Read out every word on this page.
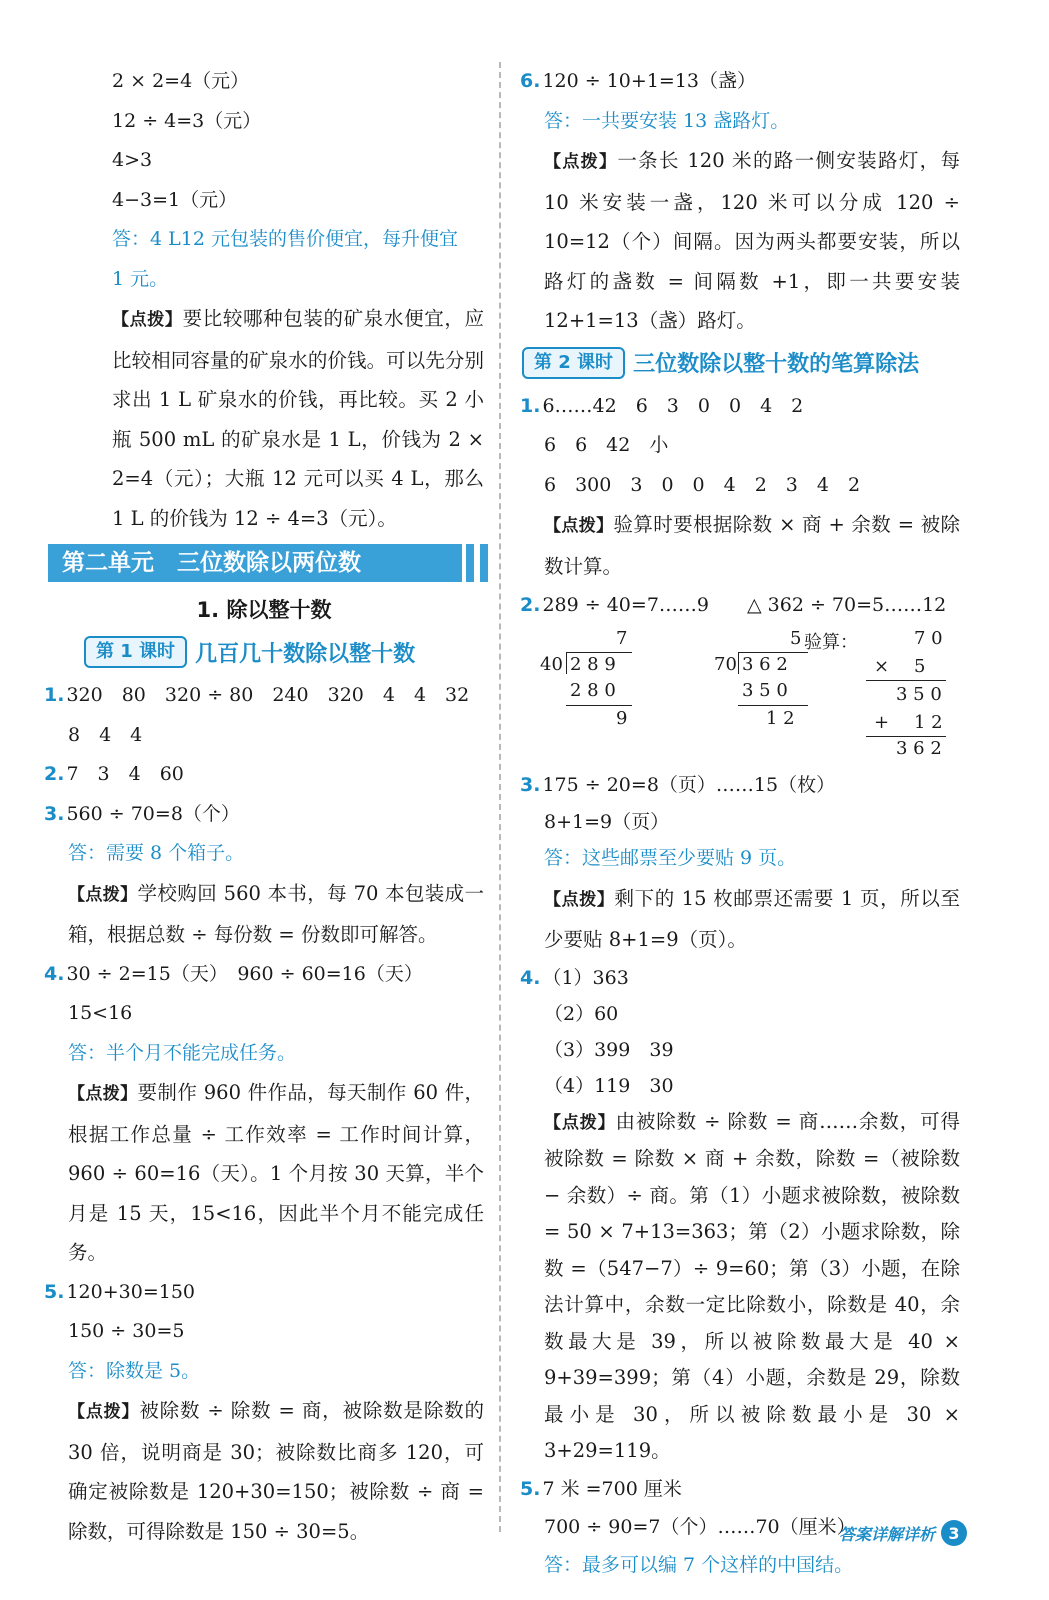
2 × 2=4（元）
12 ÷ 4=3（元）
4>3
4−3=1（元）
答：4 L12 元包装的售价便宜，每升便宜
1 元。
【点拨】要比较哪种包装的矿泉水便宜，应比较相同容量的矿泉水的价钱。可以先分别求出 1 L 矿泉水的价钱，再比较。买 2 小瓶 500 mL 的矿泉水是 1 L，价钱为 2 × 2=4（元）；大瓶 12 元可以买 4 L，那么 1 L 的价钱为 12 ÷ 4=3（元）。
第二单元　三位数除以两位数
1. 除以整十数
第 1 课时 几百几十数除以整十数
1. 320　80　320 ÷ 80　240　320　4　4　32
8　4　4
2. 7　3　4　60
3. 560 ÷ 70=8（个）
答：需要 8 个箱子。
【点拨】学校购回 560 本书，每 70 本包装成一箱，根据总数 ÷ 每份数 = 份数即可解答。
4. 30 ÷ 2=15（天）　960 ÷ 60=16（天）
15<16
答：半个月不能完成任务。
【点拨】要制作 960 件作品，每天制作 60 件，根据工作总量 ÷ 工作效率 = 工作时间计算，960 ÷ 60=16（天）。1 个月按 30 天算，半个月是 15 天，15<16，因此半个月不能完成任务。
5. 120+30=150
150 ÷ 30=5
答：除数是 5。
【点拨】被除数 ÷ 除数 = 商，被除数是除数的 30 倍，说明商是 30；被除数比商多 120，可确定被除数是 120+30=150；被除数 ÷ 商 = 除数，可得除数是 150 ÷ 30=5。
6. 120 ÷ 10+1=13（盏）
答：一共要安装 13 盏路灯。
【点拨】一条长 120 米的路一侧安装路灯，每 10 米安装一盏，120 米可以分成 120 ÷ 10=12（个）间隔。因为两头都要安装，所以路灯的盏数 = 间隔数 +1，即一共要安装 12+1=13（盏）路灯。
第 2 课时 三位数除以整十数的笔算除法
1. 6……42　6　3　0　0　4　2
6　6　42　小
6　300　3　0　0　4　2　3　4　2
【点拨】验算时要根据除数 × 商 + 余数 = 被除数计算。
2. 289 ÷ 40=7……9　　△ 362 ÷ 70=5……12
7
40 2 8 9
2 8 0
9
5 验算：
70 3 6 2
3 5 0
1 2
7 0
× 5
3 5 0
+ 1 2
3 6 2
3. 175 ÷ 20=8（页）……15（枚）
8+1=9（页）
答：这些邮票至少要贴 9 页。
【点拨】剩下的 15 枚邮票还需要 1 页，所以至少要贴 8+1=9（页）。
4. （1）363
（2）60
（3）399　39
（4）119　30
【点拨】由被除数 ÷ 除数 = 商……余数，可得被除数 = 除数 × 商 + 余数，除数 =（被除数 − 余数）÷ 商。第（1）小题求被除数，被除数 = 50 × 7+13=363；第（2）小题求除数，除数 =（547−7）÷ 9=60；第（3）小题，在除法计算中，余数一定比除数小，除数是 40，余数最大是 39，所以被除数最大是 40 × 9+39=399；第（4）小题，余数是 29，除数最小是 30，所以被除数最小是 30 × 3+29=119。
5. 7 米 =700 厘米
700 ÷ 90=7（个）……70（厘米）
答：最多可以编 7 个这样的中国结。
答案详解详析 3
